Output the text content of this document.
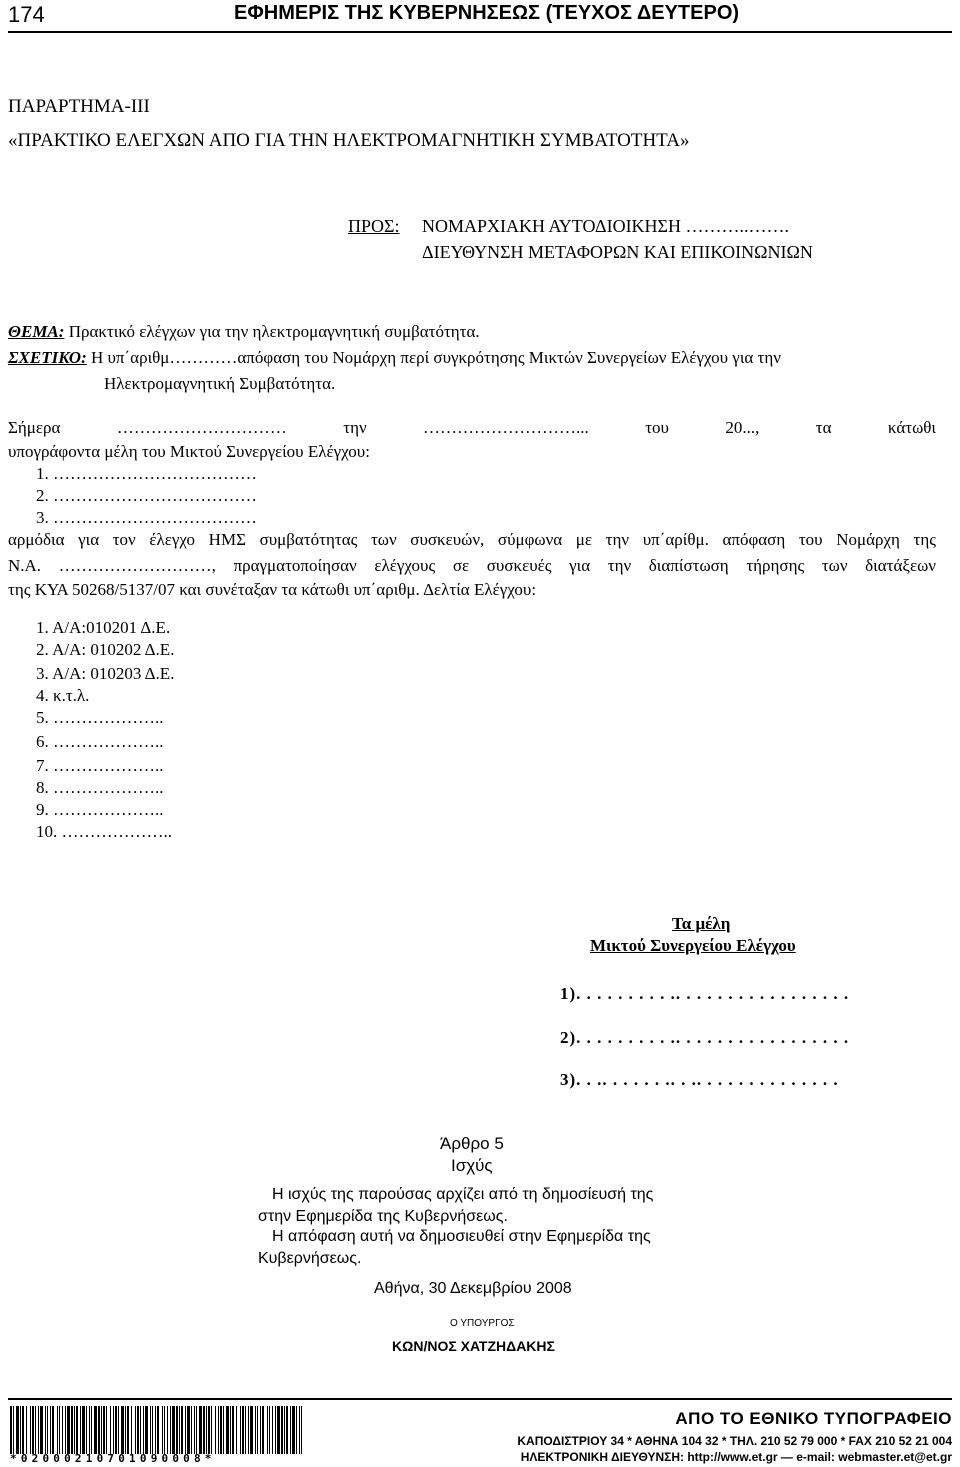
174	ΕΦΗΜΕΡΙΣ ΤΗΣ ΚΥΒΕΡΝΗΣΕΩΣ (ΤΕΥΧΟΣ ΔΕΥΤΕΡΟ)
ΠΑΡΑΡΤΗΜΑ-ΙΙΙ
«ΠΡΑΚΤΙΚΟ ΕΛΕΓΧΩΝ ΑΠΟ ΓΙΑ ΤΗΝ ΗΛΕΚΤΡΟΜΑΓΝΗΤΙΚΗ ΣΥΜΒΑΤΟΤΗΤΑ»
ΠΡΟΣ: ΝΟΜΑΡΧΙΑΚΗ ΑΥΤΟΔΙΟΙΚΗΣΗ ………..…….
ΔΙΕΥΘΥΝΣΗ ΜΕΤΑΦΟΡΩΝ ΚΑΙ ΕΠΙΚΟΙΝΩΝΙΩΝ
ΘΕΜΑ: Πρακτικό ελέγχων για την ηλεκτρομαγνητική συμβατότητα.
ΣΧΕΤΙΚΟ: Η υπ΄αριθμ…………απόφαση του Νομάρχη περί συγκρότησης Μικτών Συνεργείων Ελέγχου για την
Ηλεκτρομαγνητική Συμβατότητα.
Σήμερα ………………………… την ………………………... του 20..., τα κάτωθι
υπογράφοντα μέλη του Μικτού Συνεργείου Ελέγχου:
1. ………………………………
2. ………………………………
3. ………………………………
αρμόδια για τον έλεγχο ΗΜΣ συμβατότητας των συσκευών, σύμφωνα με την υπ΄αρίθμ. απόφαση του Νομάρχη της
Ν.Α. ………………………, πραγματοποίησαν ελέγχους σε συσκευές για την διαπίστωση τήρησης των διατάξεων
της ΚΥΑ 50268/5137/07 και συνέταξαν τα κάτωθι υπ΄αριθμ. Δελτία Ελέγχου:
1. Α/Α:010201 Δ.Ε.
2. Α/Α: 010202 Δ.Ε.
3. Α/Α: 010203 Δ.Ε.
4. κ.τ.λ.
5. ………………..
6. ………………..
7. ………………..
8. ………………..
9. ………………..
10. ………………..
Τα μέλη
Μικτού Συνεργείου Ελέγχου
1). . . . . . . . . .. . . . . . . . . . . . . . . . .
2). . . . . . . . . .. . . . . . . . . . . . . . . . .
3). . .. . . . . . .. . .. . . . . . . . . . . . . .
Άρθρο 5
Ισχύς
Η ισχύς της παρούσας αρχίζει από τη δημοσίευσή της
στην Εφημερίδα της Κυβερνήσεως.
Η απόφαση αυτή να δημοσιευθεί στην Εφημερίδα της
Κυβερνήσεως.
Αθήνα, 30 Δεκεμβρίου 2008
Ο ΥΠΟΥΡΓΟΣ
ΚΩΝ/ΝΟΣ ΧΑΤΖΗΔΑΚΗΣ
*02000210701090008*
ΑΠΟ ΤΟ ΕΘΝΙΚΟ ΤΥΠΟΓΡΑΦΕΙΟ
ΚΑΠΟΔΙΣΤΡΙΟΥ 34 * ΑΘΗΝΑ 104 32 * ΤΗΛ. 210 52 79 000 * FAX 210 52 21 004
ΗΛΕΚΤΡΟΝΙΚΗ ΔΙΕΥΘΥΝΣΗ: http://www.et.gr — e-mail: webmaster.et@et.gr
